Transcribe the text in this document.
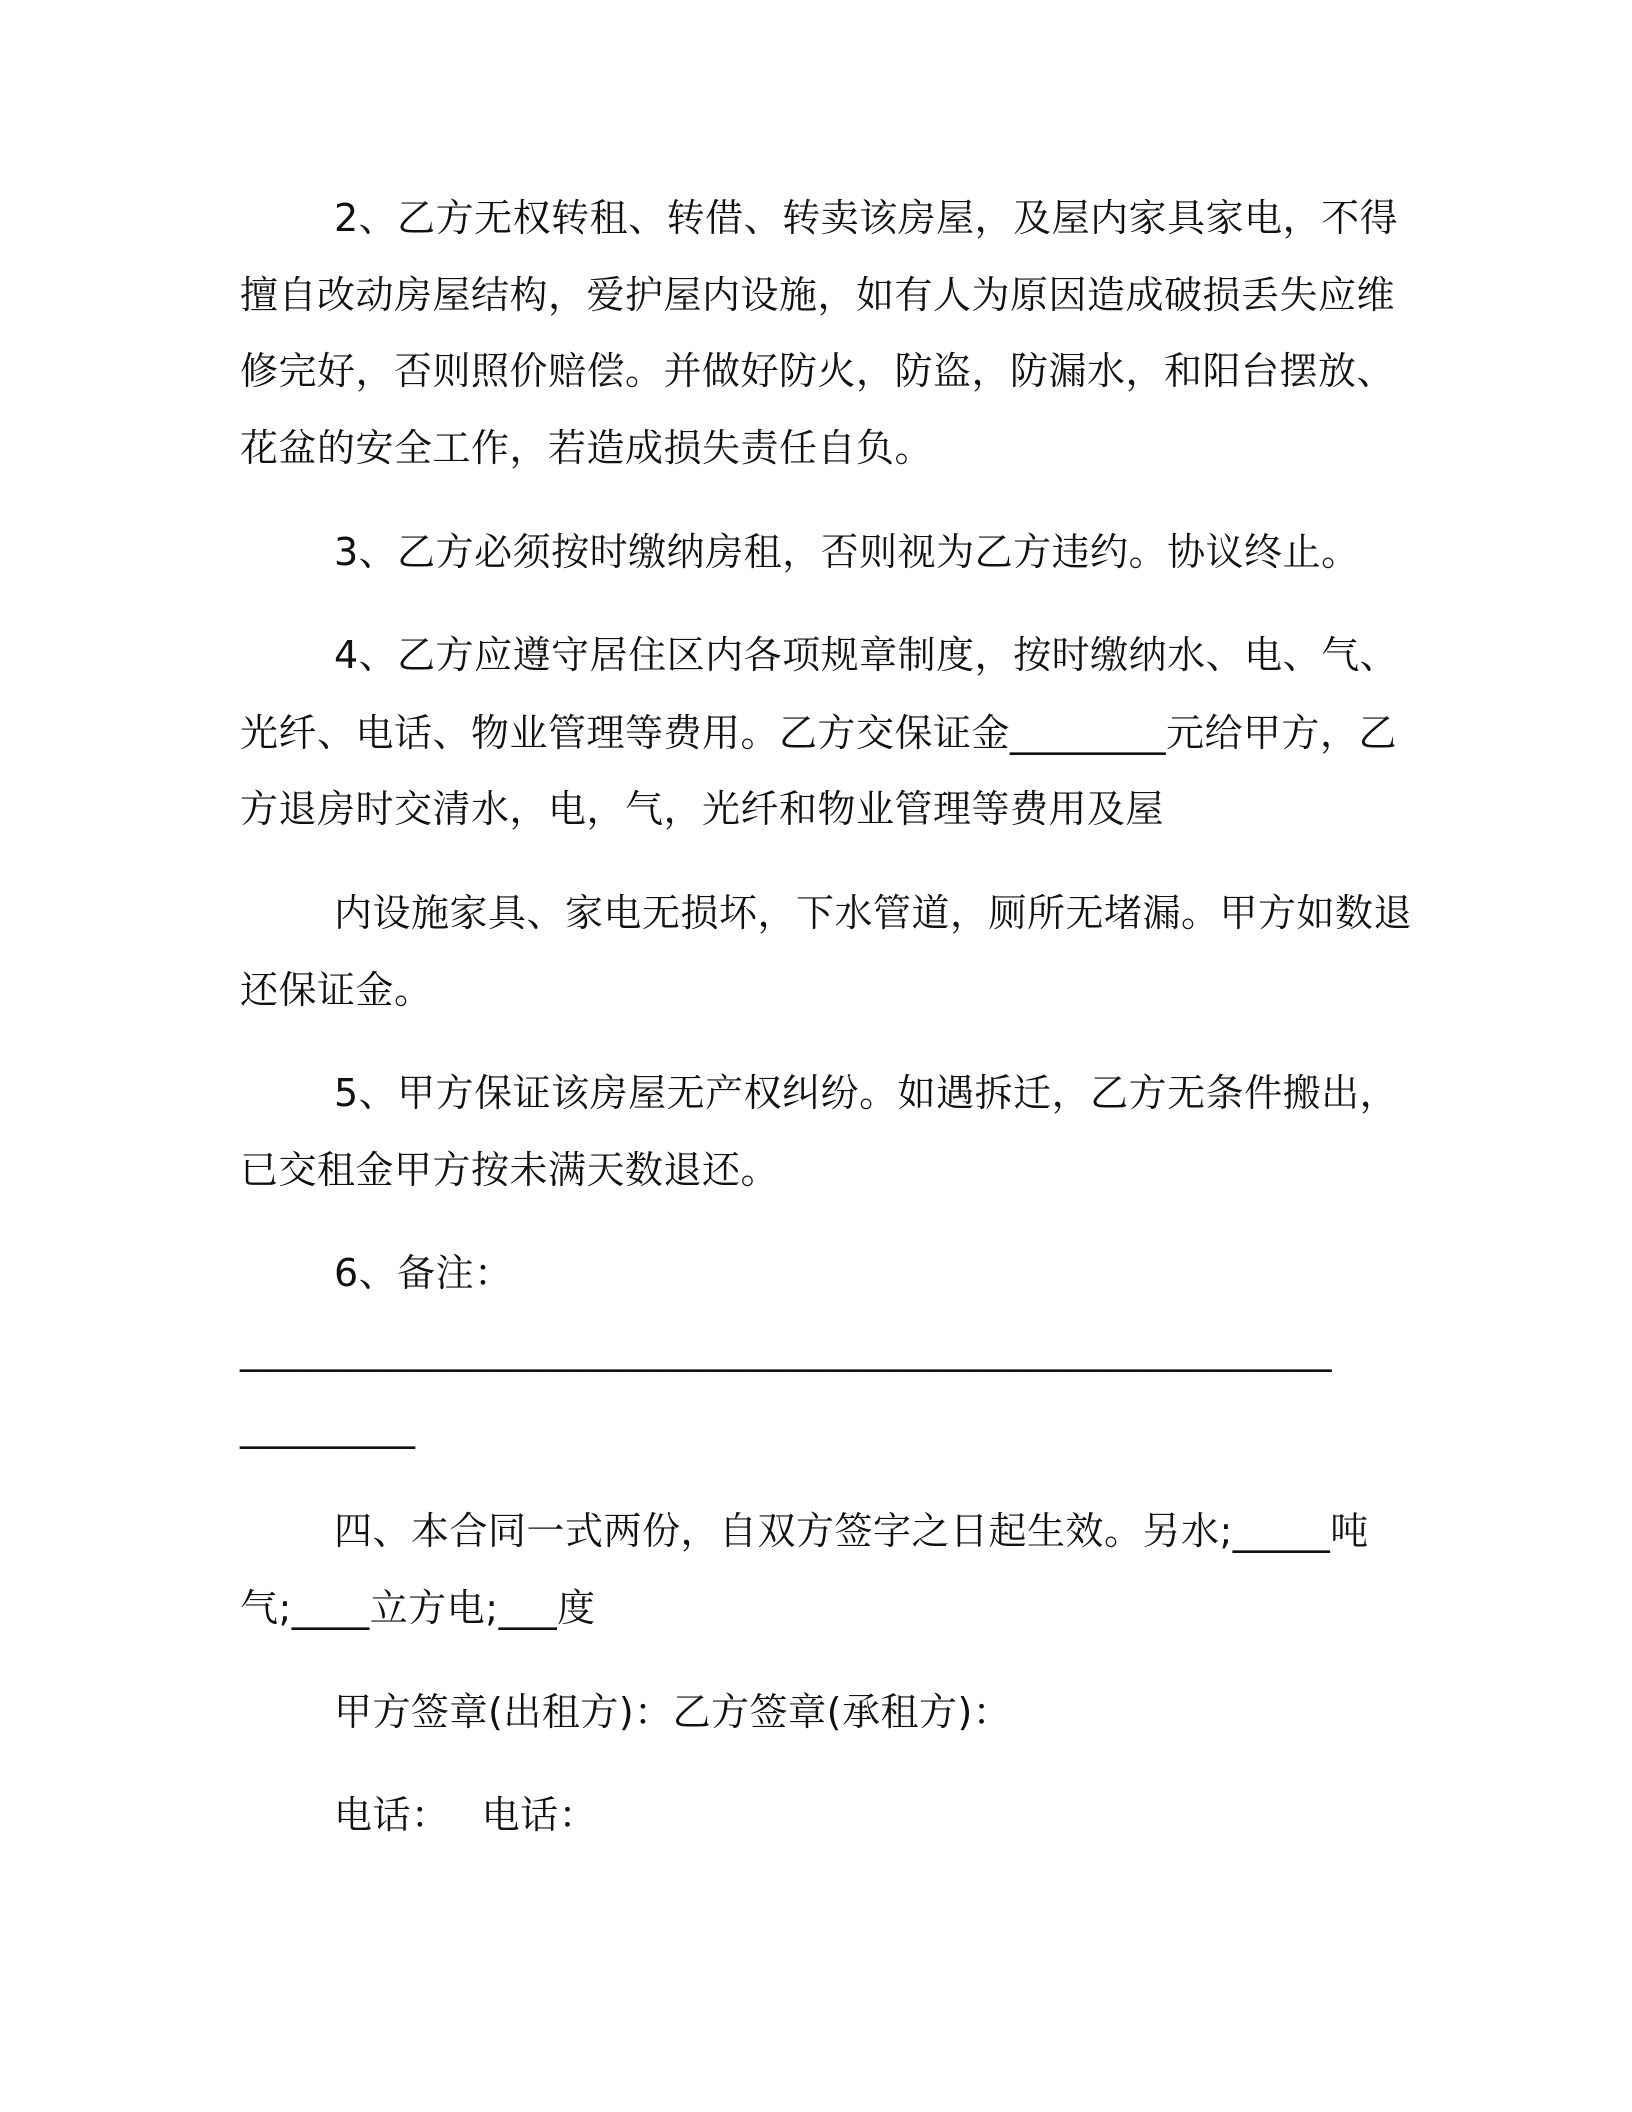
2、乙方无权转租、转借、转卖该房屋，及屋内家具家电，不得
擅自改动房屋结构，爱护屋内设施，如有人为原因造成破损丢失应维
修完好，否则照价赔偿。并做好防火，防盗，防漏水，和阳台摆放、
花盆的安全工作，若造成损失责任自负。
3、乙方必须按时缴纳房租，否则视为乙方违约。协议终止。
4、乙方应遵守居住区内各项规章制度，按时缴纳水、电、气、
光纤、电话、物业管理等费用。乙方交保证金________元给甲方，乙
方退房时交清水，电，气，光纤和物业管理等费用及屋
内设施家具、家电无损坏，下水管道，厕所无堵漏。甲方如数退
还保证金。
5、甲方保证该房屋无产权纠纷。如遇拆迁，乙方无条件搬出，
已交租金甲方按未满天数退还。
6、备注：
________________________________________________________
_________
四、本合同一式两份，自双方签字之日起生效。另水;_____吨
气;____立方电;___度
甲方签章(出租方)：乙方签章(承租方)：
电话：　 电话：
